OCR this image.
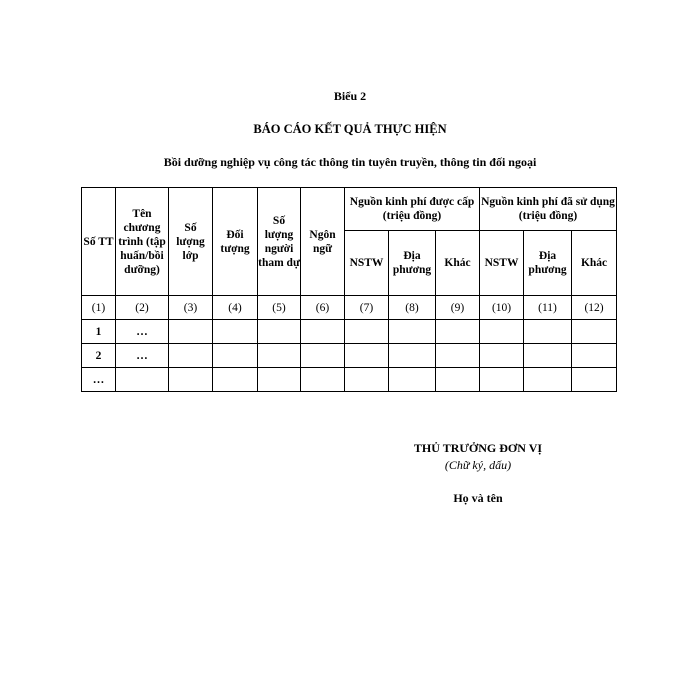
Biểu 2
BÁO CÁO KẾT QUẢ THỰC HIỆN
Bồi dưỡng nghiệp vụ công tác thông tin tuyên truyền, thông tin đối ngoại
Số TT	Tên chương trình (tập huấn/bồi dưỡng)	Số lượng lớp	Đối tượng	Số lượng người tham dự	Ngôn ngữ	Nguồn kinh phí được cấp (triệu đồng)			Nguồn kinh phí đã sử dụng (triệu đồng)		
						NSTW	Địa phương	Khác	NSTW	Địa phương	Khác
(1)	(2)	(3)	(4)	(5)	(6)	(7)	(8)	(9)	(10)	(11)	(12)
1	…										
2	…										
…											
THỦ TRƯỞNG ĐƠN VỊ
(Chữ ký, dấu)
Họ và tên
